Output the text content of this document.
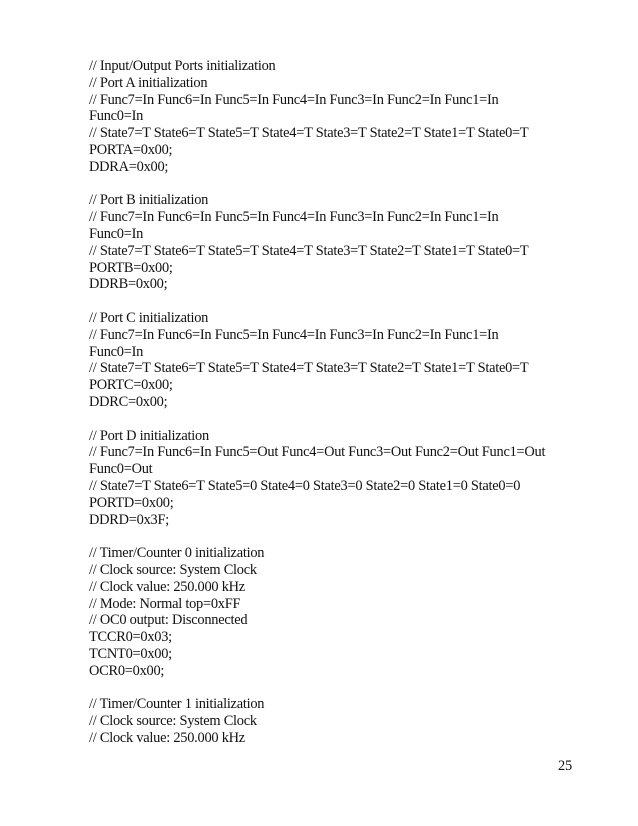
// Input/Output Ports initialization
// Port A initialization
// Func7=In Func6=In Func5=In Func4=In Func3=In Func2=In Func1=In
Func0=In
// State7=T State6=T State5=T State4=T State3=T State2=T State1=T State0=T
PORTA=0x00;
DDRA=0x00;
// Port B initialization
// Func7=In Func6=In Func5=In Func4=In Func3=In Func2=In Func1=In
Func0=In
// State7=T State6=T State5=T State4=T State3=T State2=T State1=T State0=T
PORTB=0x00;
DDRB=0x00;
// Port C initialization
// Func7=In Func6=In Func5=In Func4=In Func3=In Func2=In Func1=In
Func0=In
// State7=T State6=T State5=T State4=T State3=T State2=T State1=T State0=T
PORTC=0x00;
DDRC=0x00;
// Port D initialization
// Func7=In Func6=In Func5=Out Func4=Out Func3=Out Func2=Out Func1=Out
Func0=Out
// State7=T State6=T State5=0 State4=0 State3=0 State2=0 State1=0 State0=0
PORTD=0x00;
DDRD=0x3F;
// Timer/Counter 0 initialization
// Clock source: System Clock
// Clock value: 250.000 kHz
// Mode: Normal top=0xFF
// OC0 output: Disconnected
TCCR0=0x03;
TCNT0=0x00;
OCR0=0x00;
// Timer/Counter 1 initialization
// Clock source: System Clock
// Clock value: 250.000 kHz
25
